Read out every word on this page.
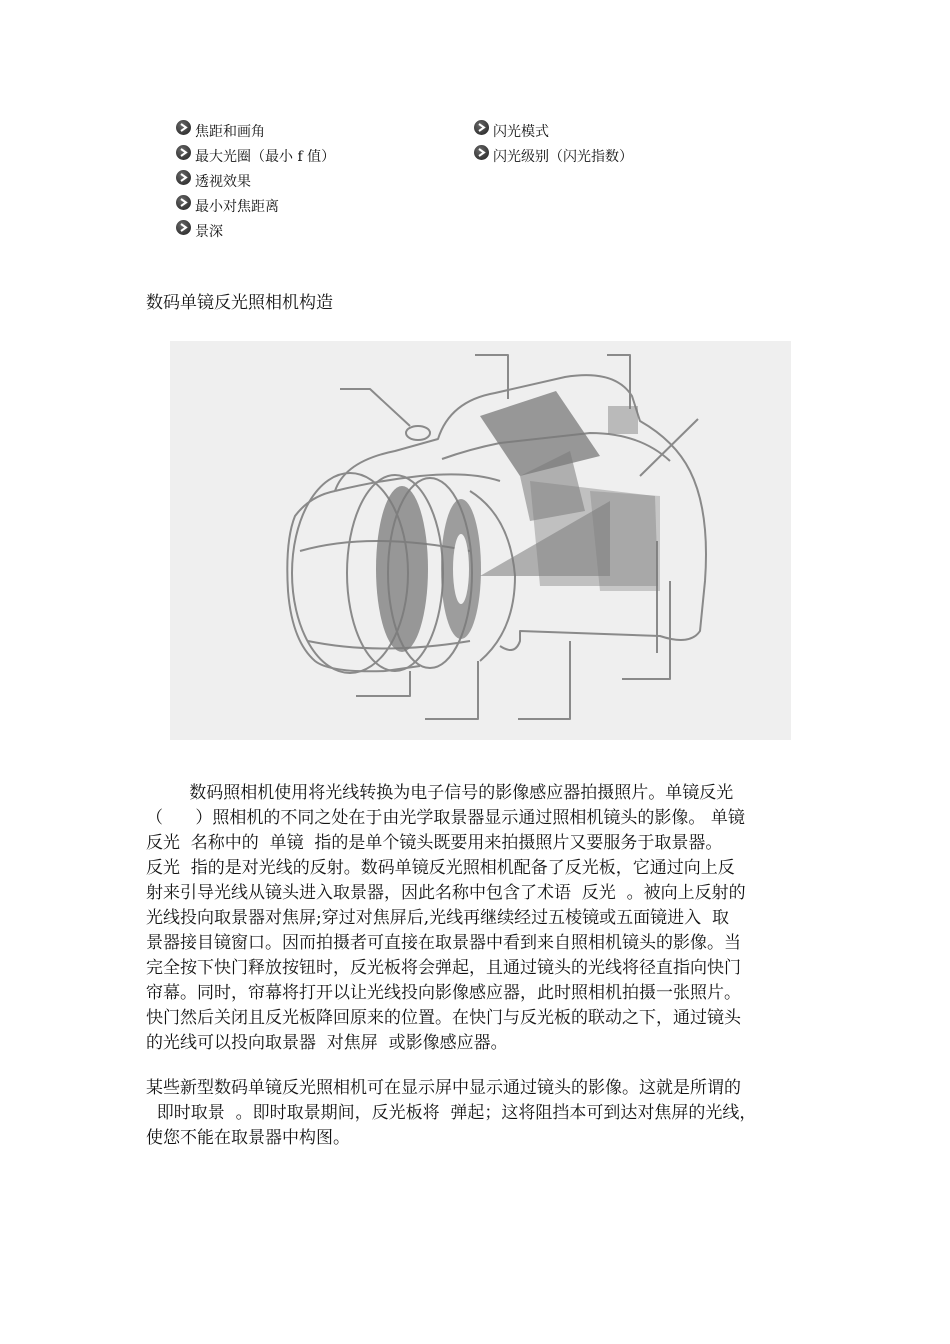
焦距和画角
最大光圈（最小 f 值）
透视效果
最小对焦距离
景深
闪光模式
闪光级别（闪光指数）
数码单镜反光照相机构造
数码照相机使用将光线转换为电子信号的影像感应器拍摄照片。单镜反光
（      ）照相机的不同之处在于由光学取景器显示通过照相机镜头的影像。 单镜
反光  名称中的  单镜  指的是单个镜头既要用来拍摄照片又要服务于取景器。
反光  指的是对光线的反射。数码单镜反光照相机配备了反光板，它通过向上反
射来引导光线从镜头进入取景器，因此名称中包含了术语  反光  。被向上反射的
光线投向取景器对焦屏;穿过对焦屏后,光线再继续经过五棱镜或五面镜进入  取
景器接目镜窗口。因而拍摄者可直接在取景器中看到来自照相机镜头的影像。当
完全按下快门释放按钮时，反光板将会弹起，且通过镜头的光线将径直指向快门
帘幕。同时，帘幕将打开以让光线投向影像感应器，此时照相机拍摄一张照片。
快门然后关闭且反光板降回原来的位置。在快门与反光板的联动之下，通过镜头
的光线可以投向取景器  对焦屏  或影像感应器。
某些新型数码单镜反光照相机可在显示屏中显示通过镜头的影像。这就是所谓的
即时取景  。即时取景期间，反光板将  弹起；这将阻挡本可到达对焦屏的光线，
使您不能在取景器中构图。
